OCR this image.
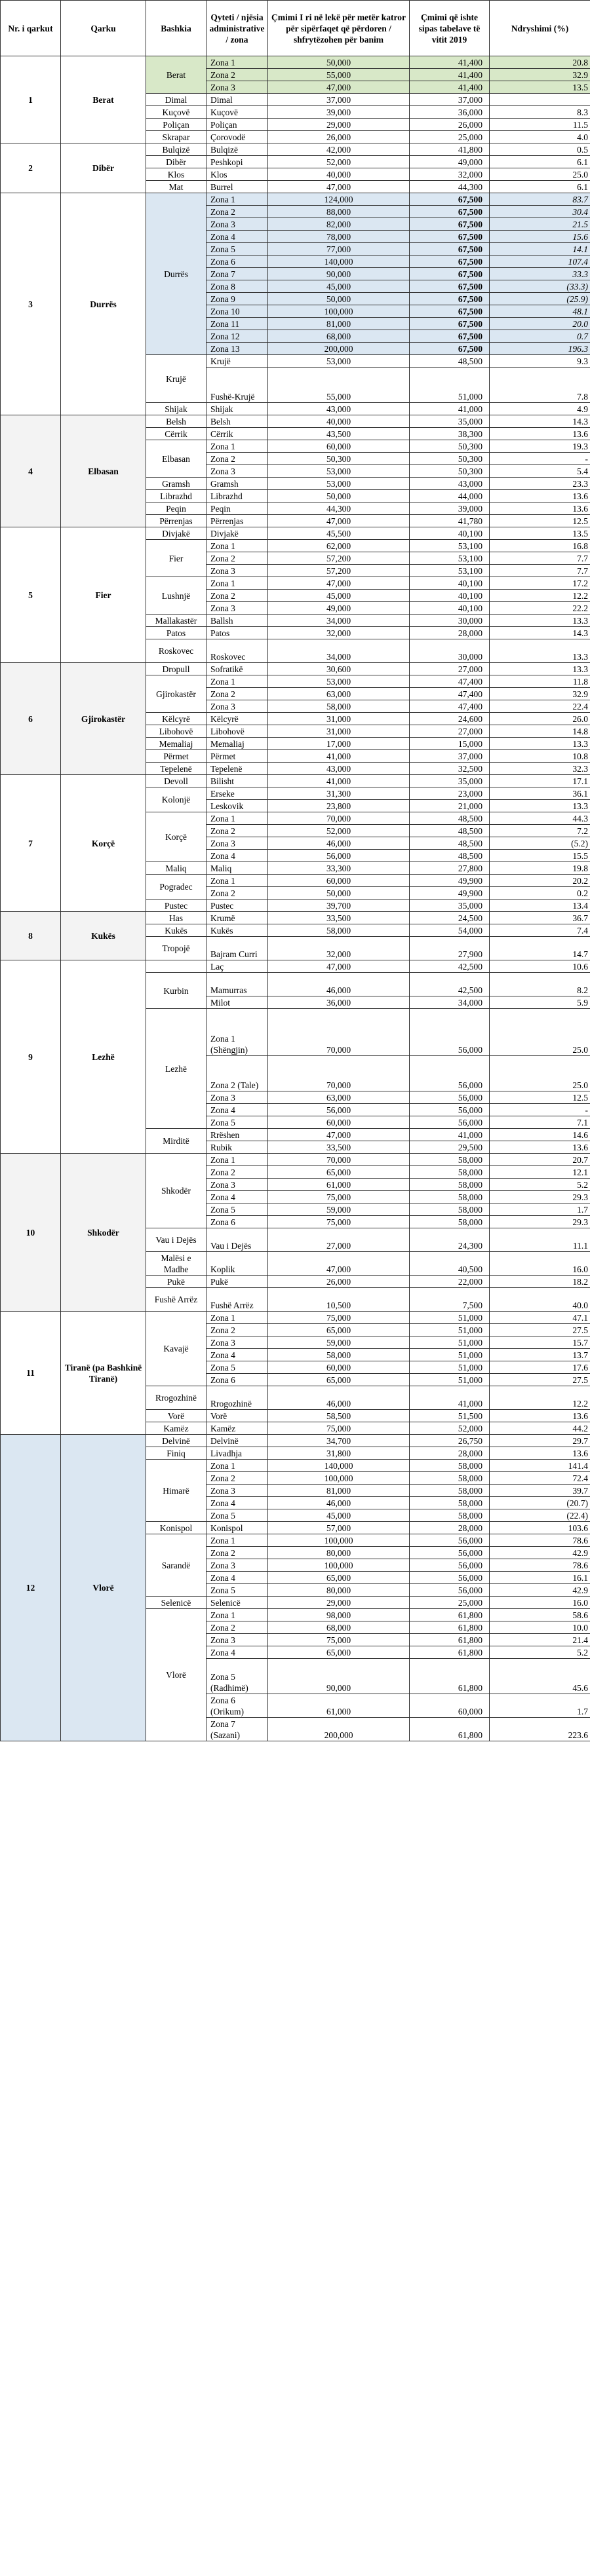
Nr. i qarkut	Qarku	Bashkia	Qyteti / njësia administrative / zona	Çmimi I ri në lekë për metër katror për sipërfaqet që përdoren / shfrytëzohen për banim	Çmimi që ishte sipas tabelave të vitit 2019	Ndryshimi (%)
1	Berat	Berat	Zona 1	50,000	41,400	20.8
			Zona 2	55,000	41,400	32.9
			Zona 3	47,000	41,400	13.5
		Dimal	Dimal	37,000	37,000	
		Kuçovë	Kuçovë	39,000	36,000	8.3
		Poliçan	Poliçan	29,000	26,000	11.5
		Skrapar	Çorovodë	26,000	25,000	4.0
2	Dibër	Bulqizë	Bulqizë	42,000	41,800	0.5
		Dibër	Peshkopi	52,000	49,000	6.1
		Klos	Klos	40,000	32,000	25.0
		Mat	Burrel	47,000	44,300	6.1
3	Durrës	Durrës	Zona 1	124,000	67,500	83.7
			Zona 2	88,000	67,500	30.4
			Zona 3	82,000	67,500	21.5
			Zona 4	78,000	67,500	15.6
			Zona 5	77,000	67,500	14.1
			Zona 6	140,000	67,500	107.4
			Zona 7	90,000	67,500	33.3
			Zona 8	45,000	67,500	(33.3)
			Zona 9	50,000	67,500	(25.9)
			Zona 10	100,000	67,500	48.1
			Zona 11	81,000	67,500	20.0
			Zona 12	68,000	67,500	0.7
			Zona 13	200,000	67,500	196.3
		Krujë	Krujë	53,000	48,500	9.3
			Fushë-Krujë	55,000	51,000	7.8
		Shijak	Shijak	43,000	41,000	4.9
4	Elbasan	Belsh	Belsh	40,000	35,000	14.3
		Cërrik	Cërrik	43,500	38,300	13.6
		Elbasan	Zona 1	60,000	50,300	19.3
			Zona 2	50,300	50,300	-
			Zona 3	53,000	50,300	5.4
		Gramsh	Gramsh	53,000	43,000	23.3
		Librazhd	Librazhd	50,000	44,000	13.6
		Peqin	Peqin	44,300	39,000	13.6
		Përrenjas	Përrenjas	47,000	41,780	12.5
5	Fier	Divjakë	Divjakë	45,500	40,100	13.5
		Fier	Zona 1	62,000	53,100	16.8
			Zona 2	57,200	53,100	7.7
			Zona 3	57,200	53,100	7.7
		Lushnjë	Zona 1	47,000	40,100	17.2
			Zona 2	45,000	40,100	12.2
			Zona 3	49,000	40,100	22.2
		Mallakastër	Ballsh	34,000	30,000	13.3
		Patos	Patos	32,000	28,000	14.3
		Roskovec	Roskovec	34,000	30,000	13.3
6	Gjirokastër	Dropull	Sofratikë	30,600	27,000	13.3
		Gjirokastër	Zona 1	53,000	47,400	11.8
			Zona 2	63,000	47,400	32.9
			Zona 3	58,000	47,400	22.4
		Këlcyrë	Këlcyrë	31,000	24,600	26.0
		Libohovë	Libohovë	31,000	27,000	14.8
		Memaliaj	Memaliaj	17,000	15,000	13.3
		Përmet	Përmet	41,000	37,000	10.8
		Tepelenë	Tepelenë	43,000	32,500	32.3
7	Korçë	Devoll	Bilisht	41,000	35,000	17.1
		Kolonjë	Erseke	31,300	23,000	36.1
			Leskovik	23,800	21,000	13.3
		Korçë	Zona 1	70,000	48,500	44.3
			Zona 2	52,000	48,500	7.2
			Zona 3	46,000	48,500	(5.2)
			Zona 4	56,000	48,500	15.5
		Maliq	Maliq	33,300	27,800	19.8
		Pogradec	Zona 1	60,000	49,900	20.2
			Zona 2	50,000	49,900	0.2
		Pustec	Pustec	39,700	35,000	13.4
8	Kukës	Has	Krumë	33,500	24,500	36.7
		Kukës	Kukës	58,000	54,000	7.4
		Tropojë	Bajram Curri	32,000	27,900	14.7
9	Lezhë		Laç	47,000	42,500	10.6
		Kurbin	Mamurras	46,000	42,500	8.2
			Milot	36,000	34,000	5.9
		Lezhë	Zona 1 (Shëngjin)	70,000	56,000	25.0
			Zona 2 (Tale)	70,000	56,000	25.0
			Zona 3	63,000	56,000	12.5
			Zona 4	56,000	56,000	-
			Zona 5	60,000	56,000	7.1
		Mirditë	Rrëshen	47,000	41,000	14.6
			Rubik	33,500	29,500	13.6
10	Shkodër	Shkodër	Zona 1	70,000	58,000	20.7
			Zona 2	65,000	58,000	12.1
			Zona 3	61,000	58,000	5.2
			Zona 4	75,000	58,000	29.3
			Zona 5	59,000	58,000	1.7
			Zona 6	75,000	58,000	29.3
		Vau i Dejës	Vau i Dejës	27,000	24,300	11.1
		Malësi e Madhe	Koplik	47,000	40,500	16.0
		Pukë	Pukë	26,000	22,000	18.2
		Fushë Arrëz	Fushë Arrëz	10,500	7,500	40.0
11	Tiranë (pa Bashkinë Tiranë)	Kavajë	Zona 1	75,000	51,000	47.1
			Zona 2	65,000	51,000	27.5
			Zona 3	59,000	51,000	15.7
			Zona 4	58,000	51,000	13.7
			Zona 5	60,000	51,000	17.6
			Zona 6	65,000	51,000	27.5
		Rrogozhinë	Rrogozhinë	46,000	41,000	12.2
		Vorë	Vorë	58,500	51,500	13.6
		Kamëz	Kamëz	75,000	52,000	44.2
12	Vlorë	Delvinë	Delvinë	34,700	26,750	29.7
		Finiq	Livadhja	31,800	28,000	13.6
		Himarë	Zona 1	140,000	58,000	141.4
			Zona 2	100,000	58,000	72.4
			Zona 3	81,000	58,000	39.7
			Zona 4	46,000	58,000	(20.7)
			Zona 5	45,000	58,000	(22.4)
		Konispol	Konispol	57,000	28,000	103.6
		Sarandë	Zona 1	100,000	56,000	78.6
			Zona 2	80,000	56,000	42.9
			Zona 3	100,000	56,000	78.6
			Zona 4	65,000	56,000	16.1
			Zona 5	80,000	56,000	42.9
		Selenicë	Selenicë	29,000	25,000	16.0
		Vlorë	Zona 1	98,000	61,800	58.6
			Zona 2	68,000	61,800	10.0
			Zona 3	75,000	61,800	21.4
			Zona 4	65,000	61,800	5.2
			Zona 5 (Radhimë)	90,000	61,800	45.6
			Zona 6 (Orikum)	61,000	60,000	1.7
			Zona 7 (Sazani)	200,000	61,800	223.6
